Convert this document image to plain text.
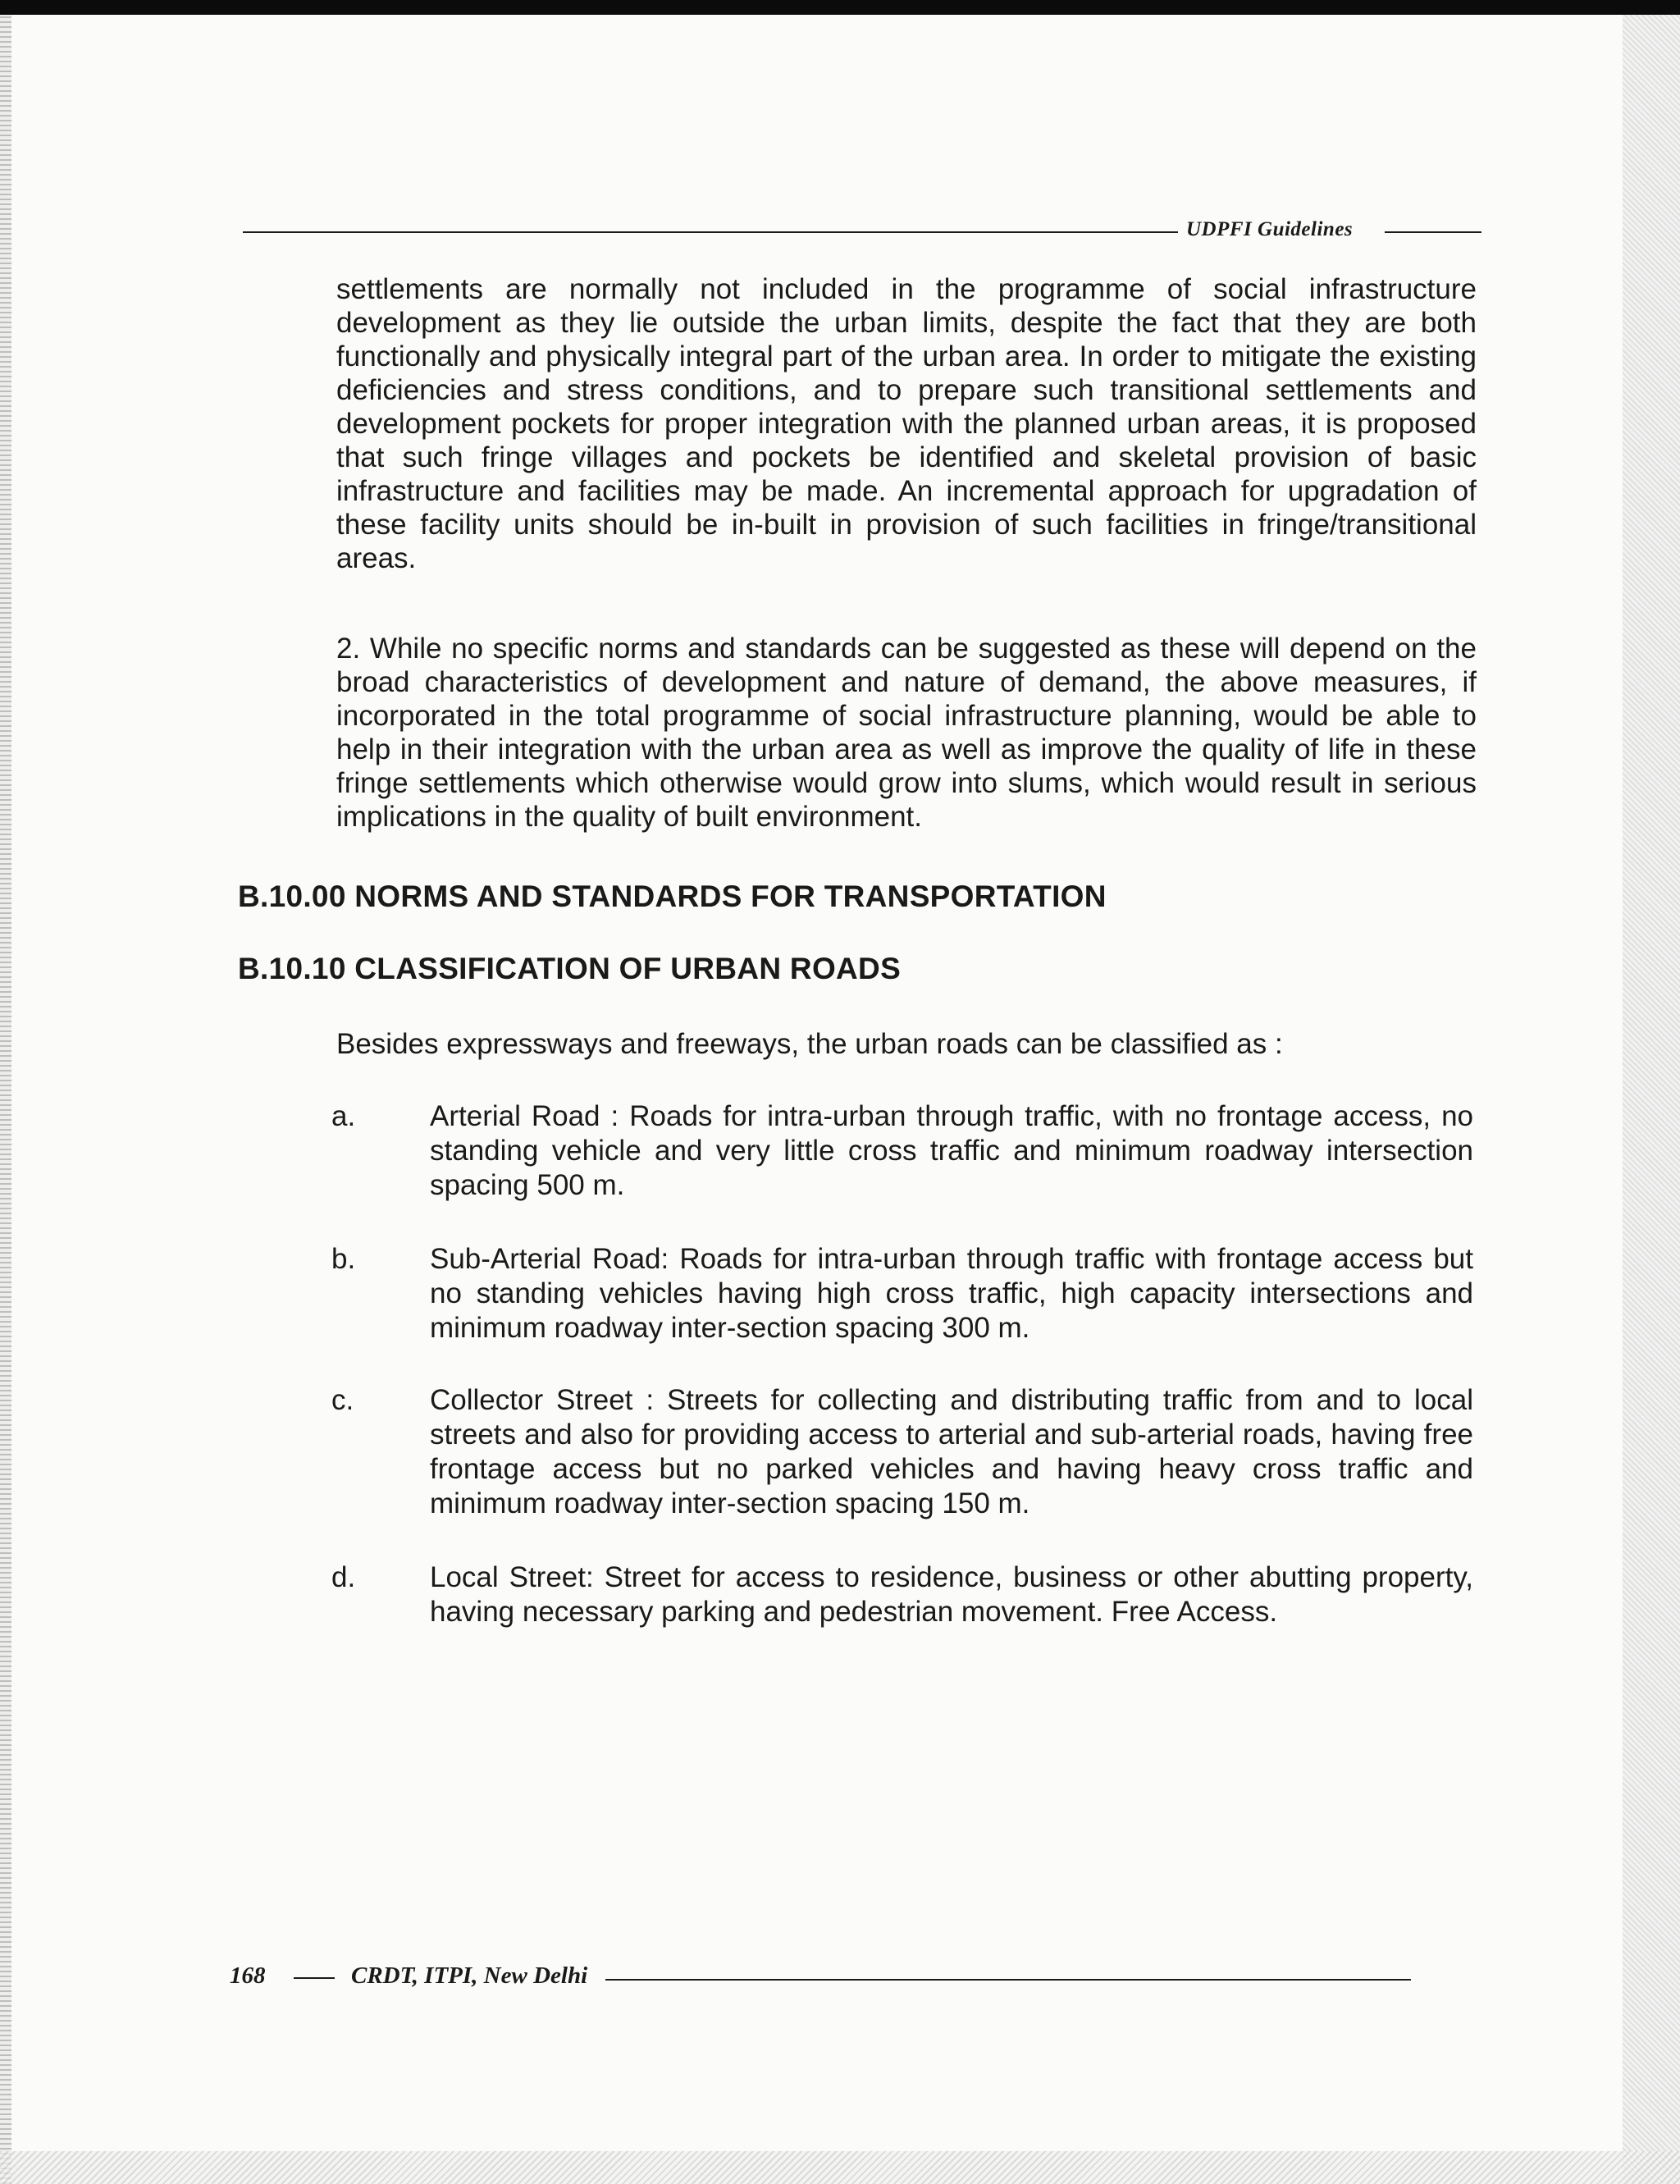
UDPFI Guidelines

settlements are normally not included in the programme of social infrastructure development as they lie outside the urban limits, despite the fact that they are both functionally and physically integral part of the urban area. In order to mitigate the existing deficiencies and stress conditions, and to prepare such transitional settlements and development pockets for proper integration with the planned urban areas, it is proposed that such fringe villages and pockets be identified and skeletal provision of basic infrastructure and facilities may be made. An incremental approach for upgradation of these facility units should be in-built in provision of such facilities in fringe/transitional areas.

2. While no specific norms and standards can be suggested as these will depend on the broad characteristics of development and nature of demand, the above measures, if incorporated in the total programme of social infrastructure planning, would be able to help in their integration with the urban area as well as improve the quality of life in these fringe settlements which otherwise would grow into slums, which would result in serious implications in the quality of built environment.

B.10.00 NORMS AND STANDARDS FOR TRANSPORTATION
B.10.10 CLASSIFICATION OF URBAN ROADS
Besides expressways and freeways, the urban roads can be classified as :
a.	Arterial Road : Roads for intra-urban through traffic, with no frontage access, no standing vehicle and very little cross traffic and minimum roadway intersection spacing 500 m.
b.	Sub-Arterial Road: Roads for intra-urban through traffic with frontage access but no standing vehicles having high cross traffic, high capacity intersections and minimum roadway inter-section spacing 300 m.
c.	Collector Street : Streets for collecting and distributing traffic from and to local streets and also for providing access to arterial and sub-arterial roads, having free frontage access but no parked vehicles and having heavy cross traffic and minimum roadway inter-section spacing 150 m.
d.	Local Street: Street for access to residence, business or other abutting property, having necessary parking and pedestrian movement. Free Access.
168	CRDT, ITPI, New Delhi
